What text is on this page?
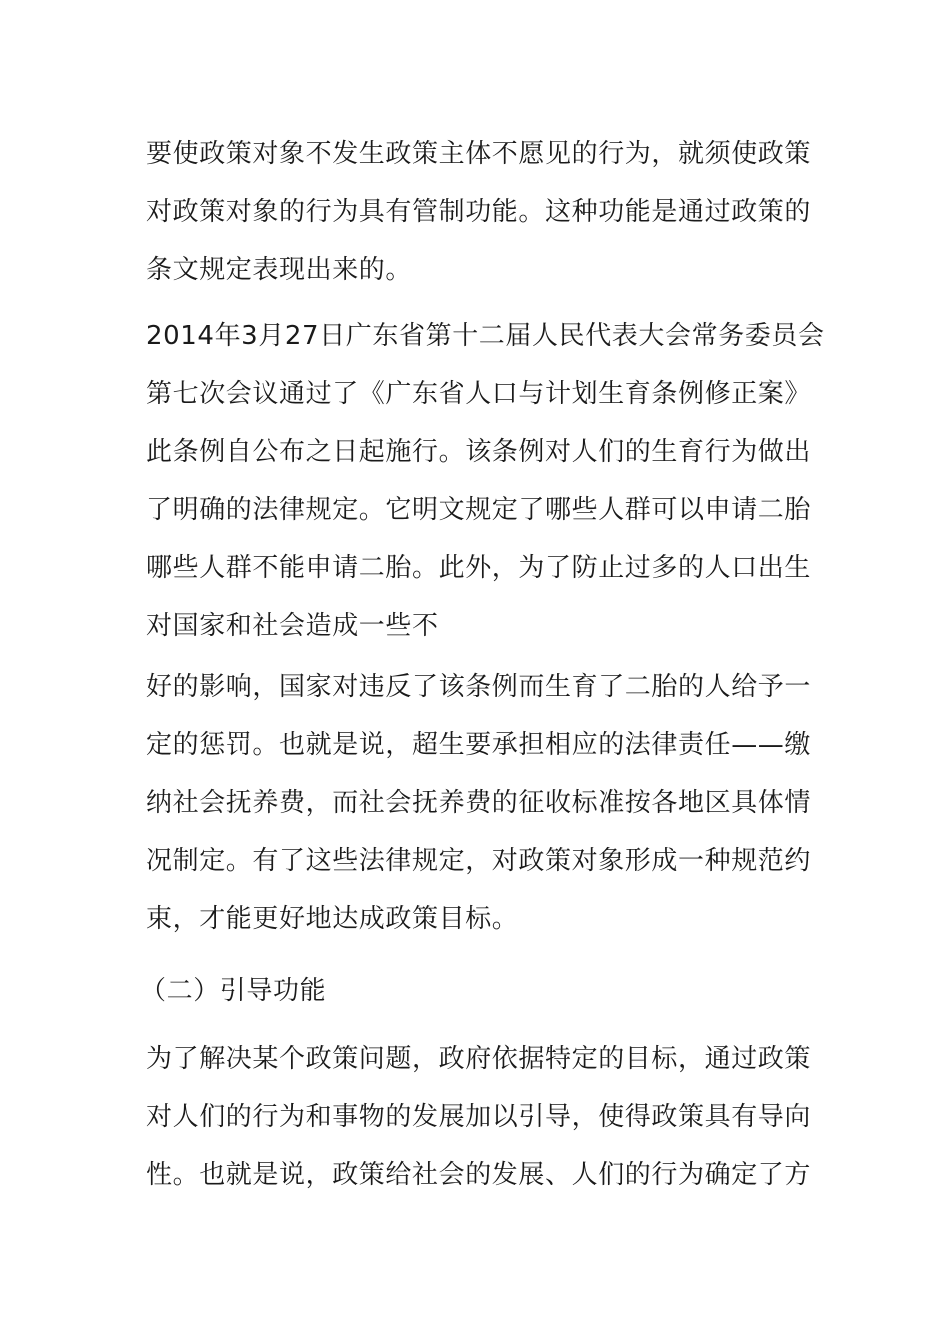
要使政策对象不发生政策主体不愿见的行为，就须使政策
对政策对象的行为具有管制功能。这种功能是通过政策的
条文规定表现出来的。

2014年3月27日广东省第十二届人民代表大会常务委员会
第七次会议通过了《广东省人口与计划生育条例修正案》
此条例自公布之日起施行。该条例对人们的生育行为做出
了明确的法律规定。它明文规定了哪些人群可以申请二胎
哪些人群不能申请二胎。此外，为了防止过多的人口出生
对国家和社会造成一些不

好的影响，国家对违反了该条例而生育了二胎的人给予一
定的惩罚。也就是说，超生要承担相应的法律责任——缴
纳社会抚养费，而社会抚养费的征收标准按各地区具体情
况制定。有了这些法律规定，对政策对象形成一种规范约
束，才能更好地达成政策目标。

（二）引导功能

为了解决某个政策问题，政府依据特定的目标，通过政策
对人们的行为和事物的发展加以引导，使得政策具有导向
性。也就是说，政策给社会的发展、人们的行为确定了方
